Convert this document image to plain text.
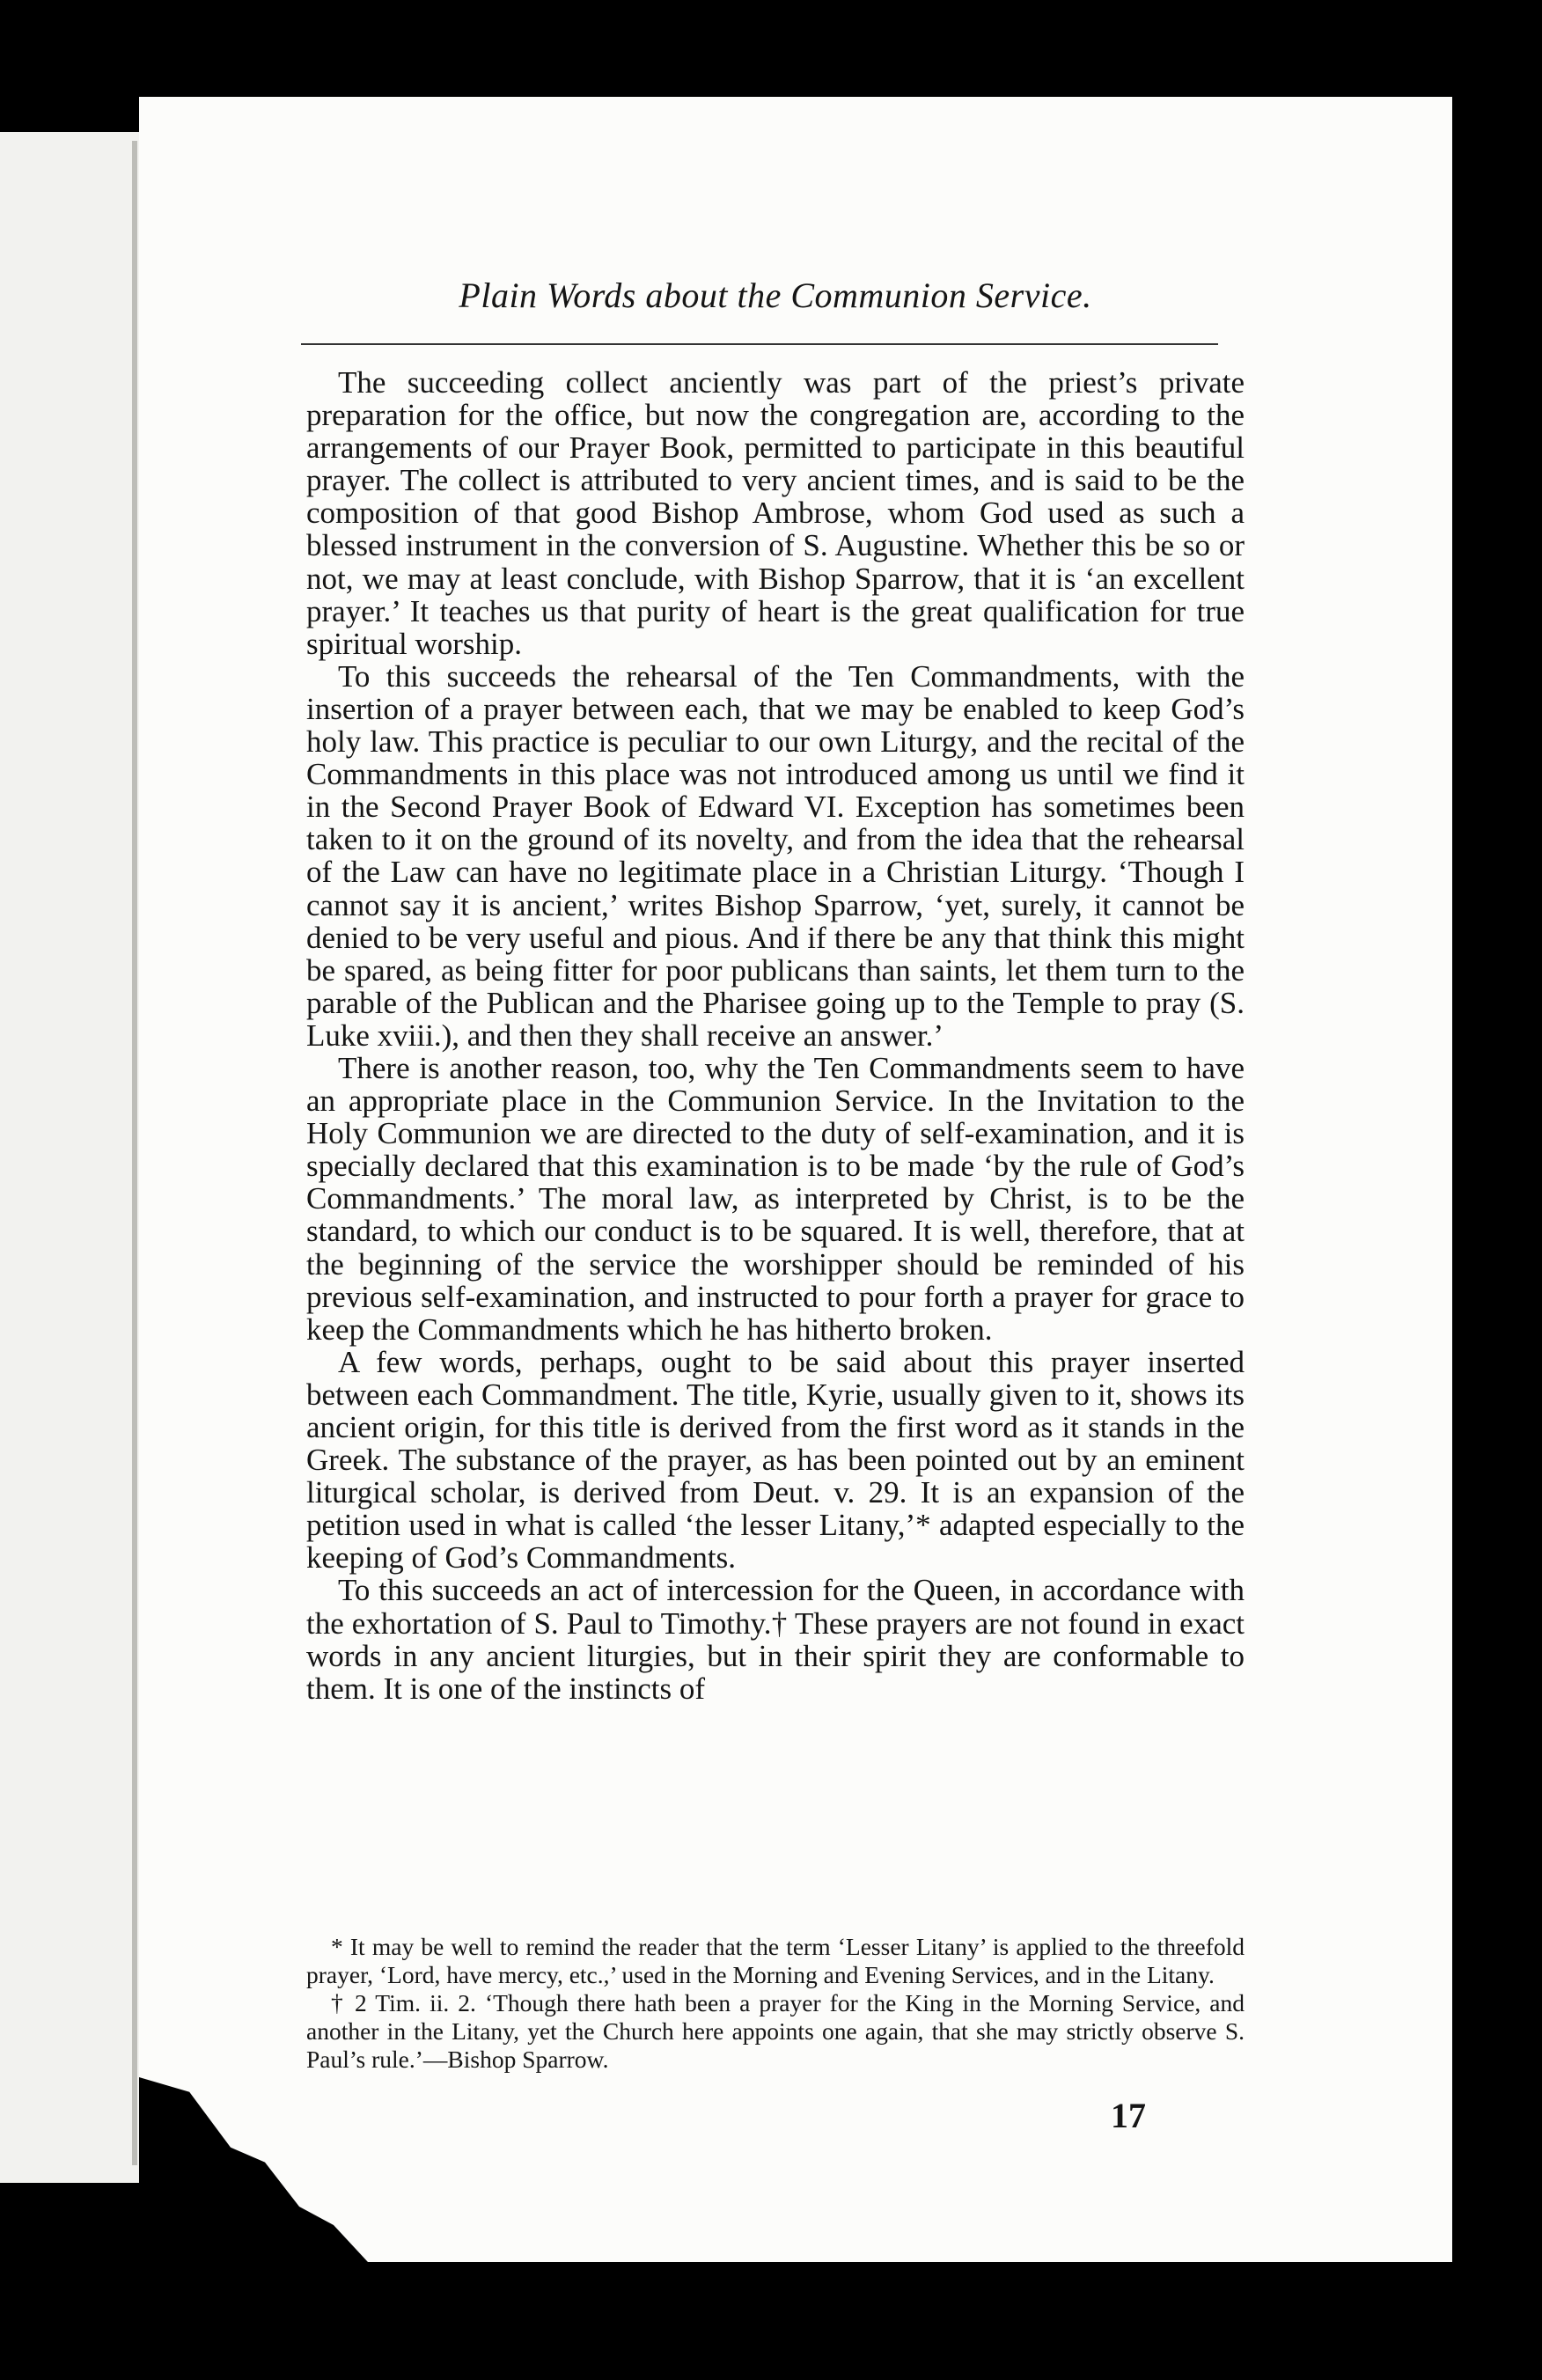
Plain Words about the Communion Service.

The succeeding collect anciently was part of the priest’s private preparation for the office, but now the congregation are, according to the arrangements of our Prayer Book, permitted to participate in this beautiful prayer. The collect is attributed to very ancient times, and is said to be the composition of that good Bishop Ambrose, whom God used as such a blessed instrument in the conversion of S. Augustine. Whether this be so or not, we may at least conclude, with Bishop Sparrow, that it is ‘an excellent prayer.’ It teaches us that purity of heart is the great qualification for true spiritual worship.

To this succeeds the rehearsal of the Ten Commandments, with the insertion of a prayer between each, that we may be enabled to keep God’s holy law. This practice is peculiar to our own Liturgy, and the recital of the Commandments in this place was not introduced among us until we find it in the Second Prayer Book of Edward VI. Exception has sometimes been taken to it on the ground of its novelty, and from the idea that the rehearsal of the Law can have no legitimate place in a Christian Liturgy. ‘Though I cannot say it is ancient,’ writes Bishop Sparrow, ‘yet, surely, it cannot be denied to be very useful and pious. And if there be any that think this might be spared, as being fitter for poor publicans than saints, let them turn to the parable of the Publican and the Pharisee going up to the Temple to pray (S. Luke xviii.), and then they shall receive an answer.’

There is another reason, too, why the Ten Commandments seem to have an appropriate place in the Communion Service. In the Invitation to the Holy Communion we are directed to the duty of self-examination, and it is specially declared that this examination is to be made ‘by the rule of God’s Commandments.’ The moral law, as interpreted by Christ, is to be the standard, to which our conduct is to be squared. It is well, therefore, that at the beginning of the service the worshipper should be reminded of his previous self-examination, and instructed to pour forth a prayer for grace to keep the Commandments which he has hitherto broken.

A few words, perhaps, ought to be said about this prayer inserted between each Commandment. The title, Kyrie, usually given to it, shows its ancient origin, for this title is derived from the first word as it stands in the Greek. The substance of the prayer, as has been pointed out by an eminent liturgical scholar, is derived from Deut. v. 29. It is an expansion of the petition used in what is called ‘the lesser Litany,’* adapted especially to the keeping of God’s Commandments.

To this succeeds an act of intercession for the Queen, in accordance with the exhortation of S. Paul to Timothy.† These prayers are not found in exact words in any ancient liturgies, but in their spirit they are conformable to them. It is one of the instincts of

* It may be well to remind the reader that the term ‘Lesser Litany’ is applied to the threefold prayer, ‘Lord, have mercy, etc.,’ used in the Morning and Evening Services, and in the Litany.

† 2 Tim. ii. 2. ‘Though there hath been a prayer for the King in the Morning Service, and another in the Litany, yet the Church here appoints one again, that she may strictly observe S. Paul’s rule.’—Bishop Sparrow.

17
